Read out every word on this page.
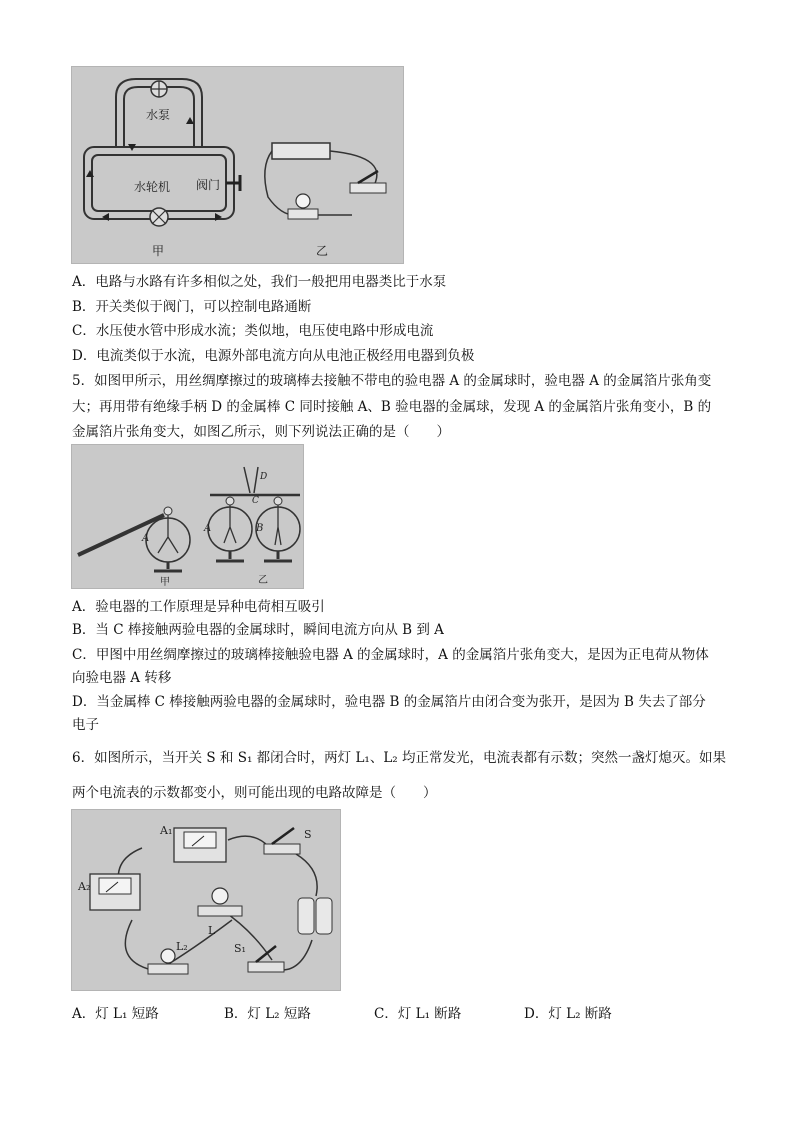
水泵
水轮机 阀门
甲	乙
A．电路与水路有许多相似之处，我们一般把用电器类比于水泵
B．开关类似于阀门，可以控制电路通断
C．水压使水管中形成水流；类似地，电压使电路中形成电流
D．电流类似于水流，电源外部电流方向从电池正极经用电器到负极
5．如图甲所示，用丝绸摩擦过的玻璃棒去接触不带电的验电器 A 的金属球时，验电器 A 的金属箔片张角变
大；再用带有绝缘手柄 D 的金属棒 C 同时接触 A、B 验电器的金属球，发现 A 的金属箔片张角变小，B 的
金属箔片张角变大，如图乙所示，则下列说法正确的是（　　）
A
甲
D
C
A	B
乙
A．验电器的工作原理是异种电荷相互吸引
B．当 C 棒接触两验电器的金属球时，瞬间电流方向从 B 到 A
C．甲图中用丝绸摩擦过的玻璃棒接触验电器 A 的金属球时，A 的金属箔片张角变大，是因为正电荷从物体
向验电器 A 转移
D．当金属棒 C 棒接触两验电器的金属球时，验电器 B 的金属箔片由闭合变为张开，是因为 B 失去了部分
电子
6．如图所示，当开关 S 和 S₁ 都闭合时，两灯 L₁、L₂ 均正常发光，电流表都有示数；突然一盏灯熄灭。如果
两个电流表的示数都变小，则可能出现的电路故障是（　　）
A₁
A₂
S
L
L₂	S₁
A．灯 L₁ 短路	B．灯 L₂ 短路	C．灯 L₁ 断路	D．灯 L₂ 断路
